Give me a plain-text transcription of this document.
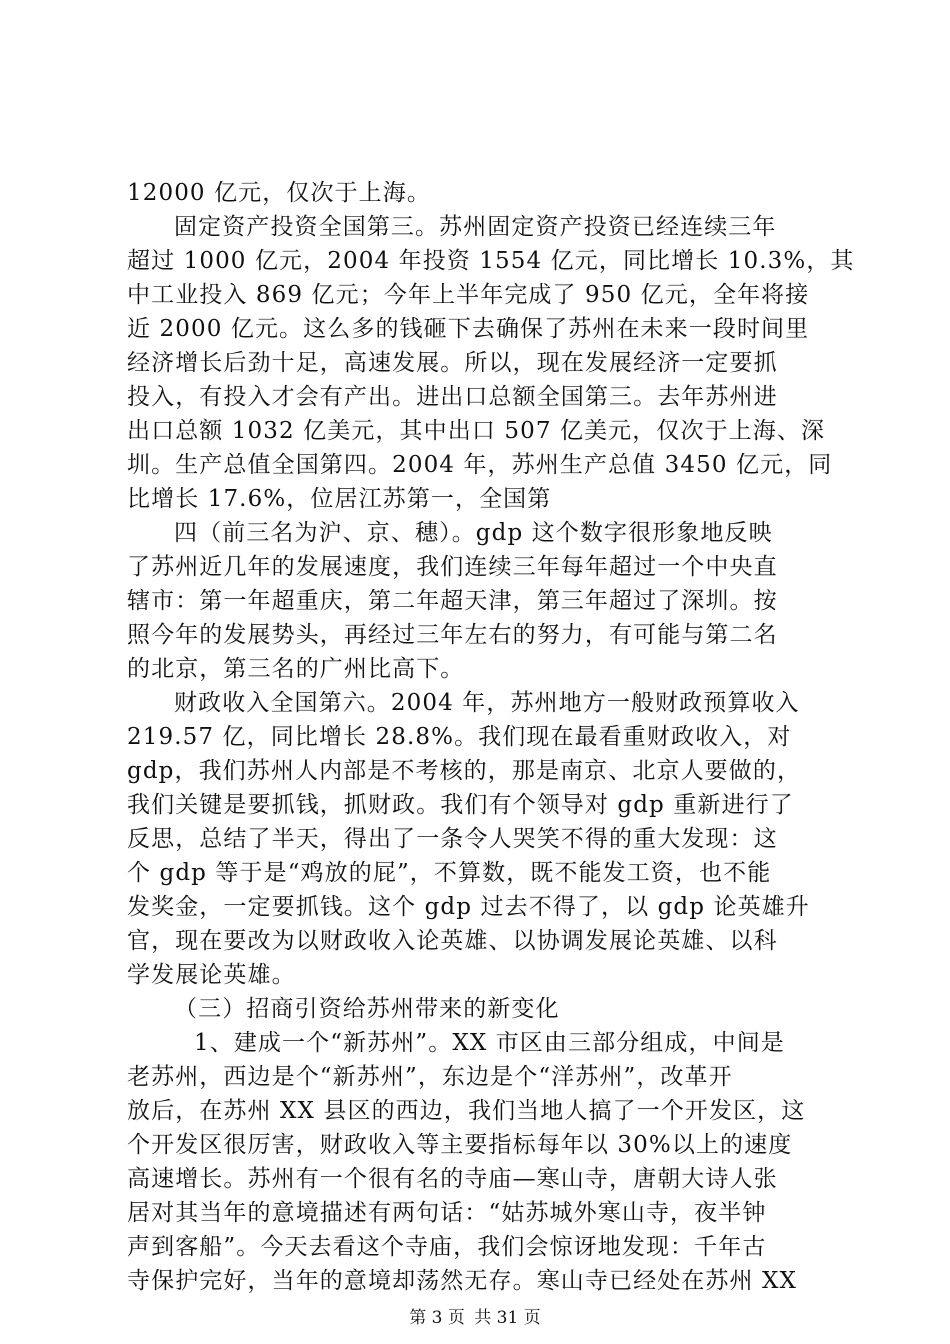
12000 亿元，仅次于上海。
固定资产投资全国第三。苏州固定资产投资已经连续三年
超过 1000 亿元，2004 年投资 1554 亿元，同比增长 10.3%，其
中工业投入 869 亿元；今年上半年完成了 950 亿元，全年将接
近 2000 亿元。这么多的钱砸下去确保了苏州在未来一段时间里
经济增长后劲十足，高速发展。所以，现在发展经济一定要抓
投入，有投入才会有产出。进出口总额全国第三。去年苏州进
出口总额 1032 亿美元，其中出口 507 亿美元，仅次于上海、深
圳。生产总值全国第四。2004 年，苏州生产总值 3450 亿元，同
比增长 17.6%，位居江苏第一，全国第
四（前三名为沪、京、穗）。gdp 这个数字很形象地反映
了苏州近几年的发展速度，我们连续三年每年超过一个中央直
辖市：第一年超重庆，第二年超天津，第三年超过了深圳。按
照今年的发展势头，再经过三年左右的努力，有可能与第二名
的北京，第三名的广州比高下。
财政收入全国第六。2004 年，苏州地方一般财政预算收入
219.57 亿，同比增长 28.8%。我们现在最看重财政收入，对
gdp，我们苏州人内部是不考核的，那是南京、北京人要做的，
我们关键是要抓钱，抓财政。我们有个领导对 gdp 重新进行了
反思，总结了半天，得出了一条令人哭笑不得的重大发现：这
个 gdp 等于是“鸡放的屁”，不算数，既不能发工资，也不能
发奖金，一定要抓钱。这个 gdp 过去不得了，以 gdp 论英雄升
官，现在要改为以财政收入论英雄、以协调发展论英雄、以科
学发展论英雄。
（三）招商引资给苏州带来的新变化
1、建成一个“新苏州”。XX 市区由三部分组成，中间是
老苏州，西边是个“新苏州”，东边是个“洋苏州”，改革开
放后，在苏州 XX 县区的西边，我们当地人搞了一个开发区，这
个开发区很厉害，财政收入等主要指标每年以 30%以上的速度
高速增长。苏州有一个很有名的寺庙—寒山寺，唐朝大诗人张
居对其当年的意境描述有两句话：“姑苏城外寒山寺，夜半钟
声到客船”。今天去看这个寺庙，我们会惊讶地发现：千年古
寺保护完好，当年的意境却荡然无存。寒山寺已经处在苏州 XX
第 3 页 共 31 页
